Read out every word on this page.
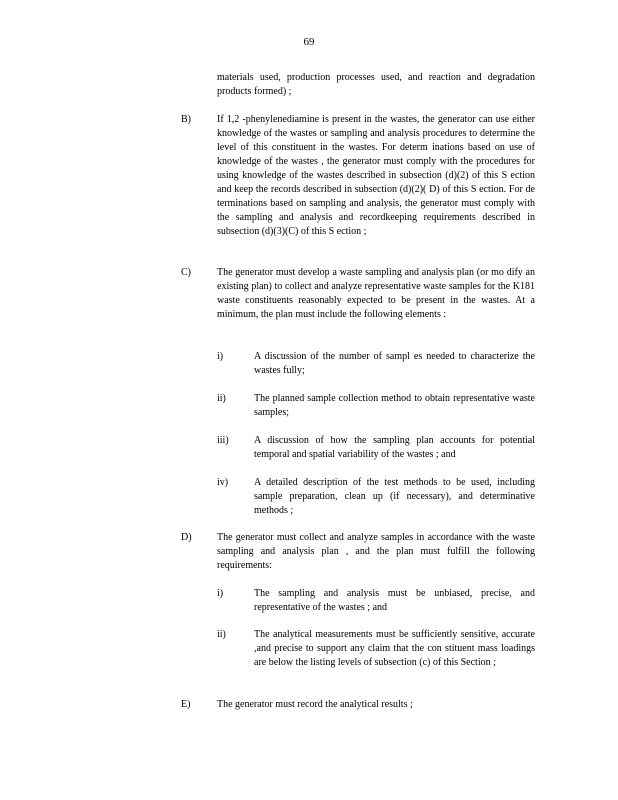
69
materials used, production processes used, and reaction and degradation products formed) ;
B)	If 1,2 -phenylenediamine is present in the wastes, the generator can use either knowledge of the wastes or sampling and analysis procedures to determine the level of this constituent in the wastes. For determ inations based on use of knowledge of the wastes , the generator must comply with the procedures for using knowledge of the wastes described in subsection (d)(2) of this S ection and keep the records described in subsection (d)(2)( D) of this S ection. For de terminations based on sampling and analysis, the generator must comply with the sampling and analysis and recordkeeping requirements described in subsection (d)(3)(C) of this S ection ;
C)	The generator must develop a waste sampling and analysis plan (or mo dify an existing plan) to collect and analyze representative waste samples for the K181 waste constituents reasonably expected to be present in the wastes. At a minimum, the plan must include the following elements :
i)	A discussion of the number of sampl es needed to characterize the wastes fully;
ii)	The planned sample collection method to obtain representative waste samples;
iii)	A discussion of how the sampling plan accounts for potential temporal and spatial variability of the wastes ; and
iv)	A detailed description of the test methods to be used, including sample preparation, clean up (if necessary), and determinative methods ;
D)	The generator must collect and analyze samples in accordance with the waste sampling and analysis plan , and the plan must fulfill the following requirements:
i)	The sampling and analysis must be unbiased, precise, and representative of the wastes ; and
ii)	The analytical measurements must be sufficiently sensitive, accurate ,and precise to support any claim that the con stituent mass loadings are below the listing levels of subsection (c) of this Section ;
E)	The generator must record the analytical results ;
